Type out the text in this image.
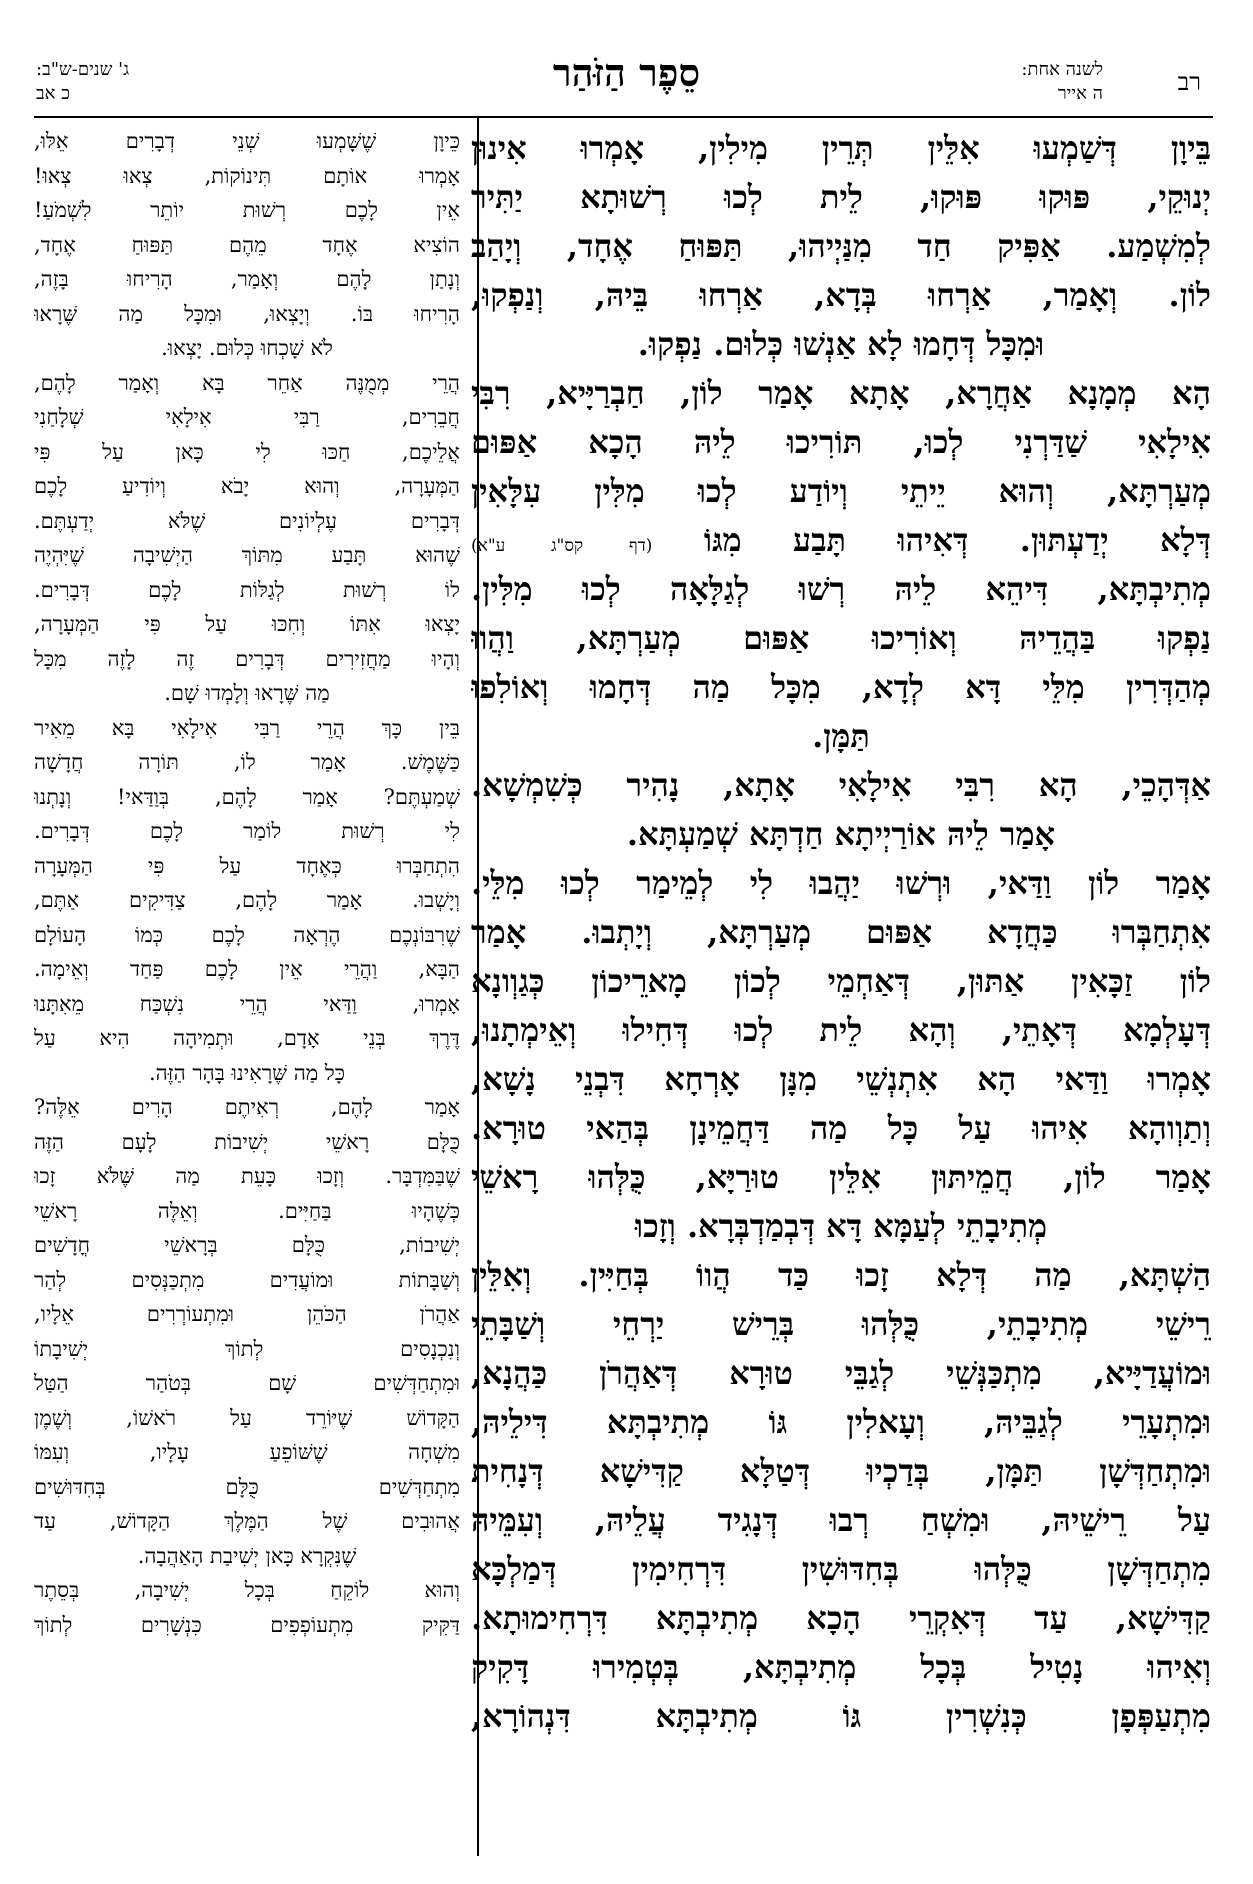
רב
לשנה אחת:
ה אייר
סֵפֶר הַזֹּהַר
ג' שנים-ש"ב:
כ אב
בֵּיוָן דְּשַׁמְעוּ אִלֵּין תְּרֵין מִילִין, אָמְרוּ אִינוּן
יְנוּקֵי, פּוּקוּ פּוּקוּ, לֵית לְכוּ רְשׁוּתָא יַתִּיר
לְמִשְׁמַע. אַפִּיק חַד מִנַּיְיהוּ, תַּפּוּחַ אֶחָד, וְיָהַב
לוֹן. וְאָמַר, אַרְחוּ בְּדָא, אַרְחוּ בֵּיהּ, וְנַפְקוּ,
וּמִכָּל דְּחָמוּ לָא אַנְשׁוּ כְּלוּם. נַפְקוּ.
הָא מְמָנָא אַחֲרָא, אָתָא אָמַר לוֹן, חַבְרַיָּיא, רִבִּי
אִילָאִי שַׁדַּרְנִי לְכוּ, תּוֹרִיכוּ לֵיהּ הָכָא אַפּוּם
מְעַרְתָּא, וְהוּא יֵיתֵי וְיוֹדַע לְכוּ מִלִּין עִלָּאִין
דְּלָא יְדַעְתּוּן. דְּאִיהוּ תָּבַע מִגּוֹ (דף קס"ג ע"א)
מְתִיבְתָּא, דִּיהֵא לֵיהּ רְשׁוּ לְגַלָּאָה לְכוּ מִלִּין.
נַפְקוּ בַּהֲדֵיהּ וְאוֹרִיכוּ אַפּוּם מְעַרְתָּא, וַהֲווּ
מְהַדְּרִין מִלֵּי דָּא לְדָא, מִכָּל מַה דְּחָמוּ וְאוֹלִפוּ
תַּמָּן.
אַדְּהָכֵי, הָא רִבִּי אִילָאִי אָתָא, נָהִיר כְּשִׁמְשָׁא.
אָמַר לֵיהּ אוֹרַיְיתָא חַדְתָּא שְׁמַעְתָּא.
אָמַר לוֹן וַדַּאי, וּרְשׁוּ יַהֲבוּ לִי לְמֵימַר לְכוּ מִלֵּי.
אִתְחַבְּרוּ כַּחֲדָא אַפּוּם מְעַרְתָּא, וְיָתְבוּ. אָמַר
לוֹן זַכָּאִין אַתּוּן, דְּאַחְמֵי לְכוֹן מָארֵיכוֹן כְּגַוְונָא
דְּעָלְמָא דְּאָתֵי, וְהָא לֵית לְכוּ דְּחִילוּ וְאֵימְתָנוּ,
אָמְרוּ וַדַּאי הָא אִתְנְשֵׁי מִנָּן אָרְחָא דִּבְנֵי נָשָׁא,
וְתַוְוהָא אִיהוּ עַל כָּל מַה דַּחֲמֵינָן בְּהַאי טוּרָא.
אָמַר לוֹן, חֲמֵיתּוּן אִלֵּין טוּרַיָּא, כֻּלְּהוּ רָאשֵׁי
מְתִיבָתֵי לְעַמָּא דָּא דְּבְמַדְבְּרָא. וְזָכוּ
הַשְׁתָּא, מַה דְּלָא זָכוּ כַּד הֲווֹ בְּחַיִּין. וְאִלֵּין
רֵישֵׁי מְתִיבָתֵי, כֻּלְּהוּ בְּרֵישׁ יַרְחֵי וְשַׁבָּתֵי
וּמוֹעֲדַיָּיא, מִתְכַּנְּשֵׁי לְגַבֵּי טוּרָא דְּאַהֲרֹן כַּהֲנָא,
וּמִתְעָרֵי לְגַבֵּיהּ, וְעָאלִין גּוֹ מְתִיבְתָּא דִּילֵיהּ,
וּמִתְחַדְּשָׁן תַּמָּן, בְּדַכְיוּ דְּטַלָּא קַדִּישָׁא דְּנָחִית
עַל רֵישֵׁיהּ, וּמִשְׁחַ רְבוּ דְּנָגִיד עֲלֵיהּ, וְעִמֵּיהּ
מִתְחַדְּשָׁן כֻּלְּהוּ בְּחִדּוּשִׁין דִּרְחִימִין דְּמַלְכָּא
קַדִּישָׁא, עַד דְּאִקְרֵי הָכָא מְתִיבְתָּא דִּרְחִימוּתָא.
וְאִיהוּ נָטִיל בְּכָל מְתִיבְתָּא, בְּטְמִירוּ דָּקִיק
מִתְעַפְּפָן כְּנִשְׁרִין גּוֹ מְתִיבְתָּא דִּנְהוֹרָא,
כֵּיוָן שֶׁשָּׁמְעוּ שְׁנֵי דְבָרִים אֵלּוּ,
אָמְרוּ אוֹתָם תִּינוֹקוֹת, צְאוּ צְאוּ!
אֵין לָכֶם רְשׁוּת יוֹתֵר לִשְׁמֹעַ!
הוֹצִיא אֶחָד מֵהֶם תַּפּוּחַ אֶחָד,
וְנָתַן לָהֶם וְאָמַר, הָרִיחוּ בָּזֶה,
הָרִיחוּ בּוֹ. וְיָצְאוּ, וּמִכָּל מַה שֶּׁרָאוּ
לֹא שָׁכְחוּ כְּלוּם. יָצְאוּ.
הֲרֵי מְמֻנֶּה אַחֵר בָּא וְאָמַר לָהֶם,
חֲבֵרִים, רַבִּי אִילָאִי שְׁלָחַנִי
אֲלֵיכֶם, חַכּוּ לִי כָּאן עַל פִּי
הַמְּעָרָה, וְהוּא יָבֹא וְיוֹדִיעַ לָכֶם
דְּבָרִים עֶלְיוֹנִים שֶׁלֹּא יְדַעְתֶּם.
שֶׁהוּא תָּבַע מִתּוֹךְ הַיְשִׁיבָה שֶׁיִּהְיֶה
לוֹ רְשׁוּת לְגַלּוֹת לָכֶם דְּבָרִים.
יָצְאוּ אִתּוֹ וְחִכּוּ עַל פִּי הַמְּעָרָה,
וְהָיוּ מַחֲזִירִים דְּבָרִים זֶה לָזֶה מִכָּל
מַה שֶּׁרָאוּ וְלָמְדוּ שָׁם.
בֵּין כָּךְ הֲרֵי רַבִּי אִילָאִי בָּא מֵאִיר
כַּשֶּׁמֶשׁ. אָמַר לוֹ, תּוֹרָה חֲדָשָׁה
שְׁמַעְתֶּם? אָמַר לָהֶם, בְּוַדַּאי! וְנָתְנוּ
לִי רְשׁוּת לוֹמַר לָכֶם דְּבָרִים.
הִתְחַבְּרוּ כְּאֶחָד עַל פִּי הַמְּעָרָה
וְיָשְׁבוּ. אָמַר לָהֶם, צַדִּיקִים אַתֶּם,
שֶׁרִבּוֹנְכֶם הֶרְאָה לָכֶם כְּמוֹ הָעוֹלָם
הַבָּא, וַהֲרֵי אֵין לָכֶם פַּחַד וְאֵימָה.
אָמְרוּ, וַדַּאי הֲרֵי נִשְׁכַּח מֵאִתָּנוּ
דֶּרֶךְ בְּנֵי אָדָם, וּתְמִיהָה הִיא עַל
כָּל מַה שֶּׁרָאִינוּ בָּהָר הַזֶּה.
אָמַר לָהֶם, רְאִיתֶם הָרִים אֵלֶּה?
כֻּלָּם רָאשֵׁי יְשִׁיבוֹת לָעָם הַזֶּה
שֶׁבַּמִּדְבָּר. וְזָכוּ כָּעֵת מַה שֶּׁלֹּא זָכוּ
כְּשֶׁהָיוּ בַּחַיִּים. וְאֵלֶּה רָאשֵׁי
יְשִׁיבוֹת, כֻּלָּם בְּרָאשֵׁי חֳדָשִׁים
וְשַׁבָּתוֹת וּמוֹעֲדִים מִתְכַּנְּסִים לְהַר
אַהֲרֹן הַכֹּהֵן וּמִתְעוֹרְרִים אֵלָיו,
וְנִכְנָסִים לְתוֹךְ יְשִׁיבָתוֹ
וּמִתְחַדְּשִׁים שָׁם בְּטֹהַר הַטַּל
הַקָּדוֹשׁ שֶׁיּוֹרֵד עַל רֹאשׁוֹ, וְשֶׁמֶן
מִשְׁחָה שֶׁשּׁוֹפֵעַ עָלָיו, וְעִמּוֹ
מִתְחַדְּשִׁים כֻּלָּם בְּחִדּוּשִׁים
אֲהוּבִים שֶׁל הַמֶּלֶךְ הַקָּדוֹשׁ, עַד
שֶׁנִּקְרָא כָּאן יְשִׁיבַת הָאַהֲבָה.
וְהוּא לוֹקֵחַ בְּכָל יְשִׁיבָה, בְּסֵתֶר
דַּקִּיק מִתְעוֹפְפִים כִּנְשָׁרִים לְתוֹךְ
